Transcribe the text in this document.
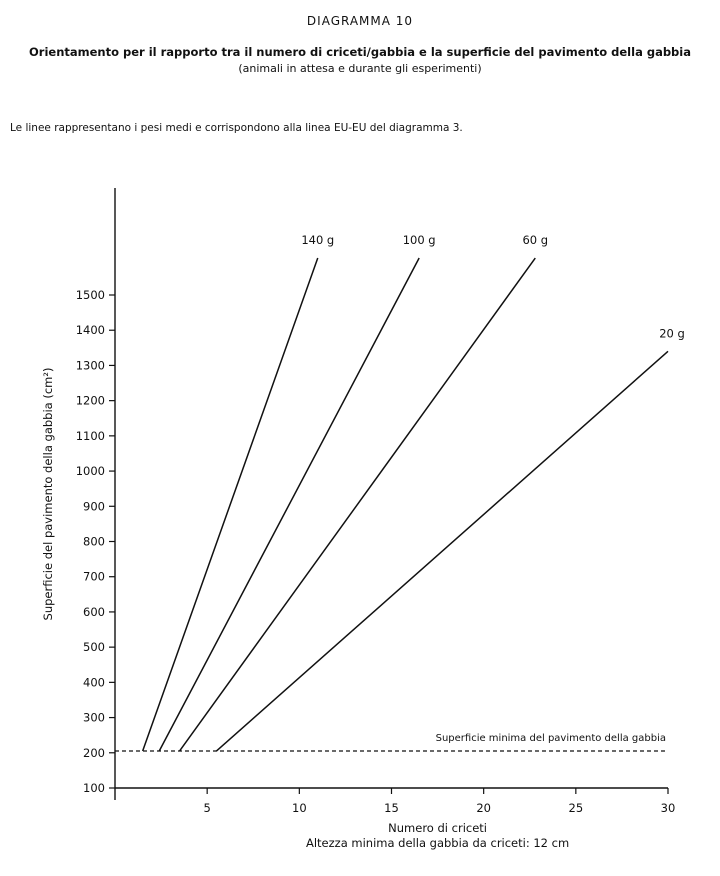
DIAGRAMMA 10
Orientamento per il rapporto tra il numero di criceti/gabbia e la superficie del pavimento della gabbia
(animali in attesa e durante gli esperimenti)
Le linee rappresentano i pesi medi e corrispondono alla linea EU-EU del diagramma 3.
100
200
300
400
500
600
700
800
900
1000
1100
1200
1300
1400
1500
5	10	15	20	25	30
Superficie minima del pavimento della gabbia
140 g	100 g	60 g
20 g
Numero di criceti
Altezza minima della gabbia da criceti: 12 cm
Superficie del pavimento della gabbia (cm²)
